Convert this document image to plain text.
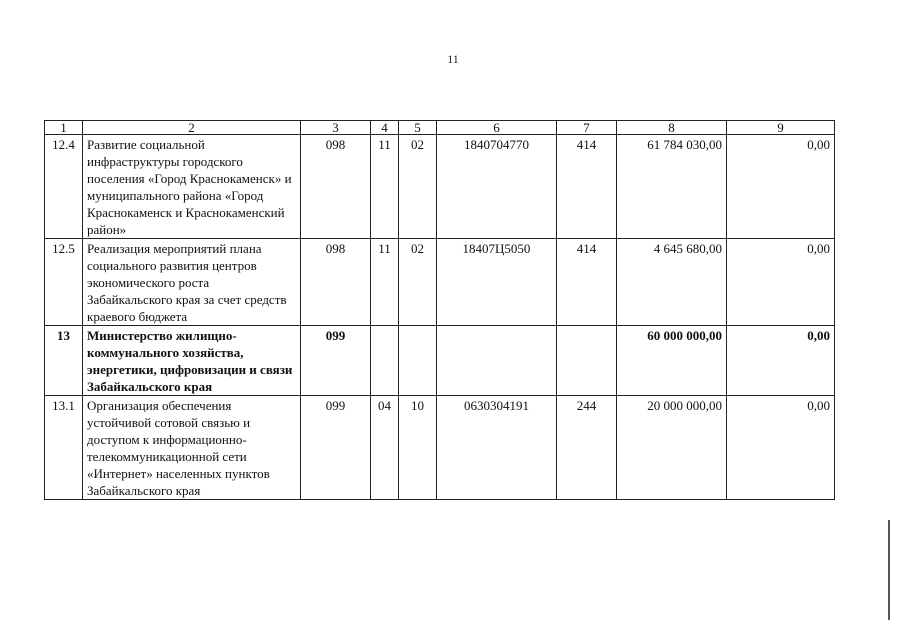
11
1	2	3	4	5	6	7	8	9
12.4	Развитие социальной инфраструктуры городского поселения «Город Краснокаменск» и муниципального района «Город Краснокаменск и Краснокаменский район»	098	11	02	1840704770	414	61 784 030,00	0,00
12.5	Реализация мероприятий плана социального развития центров экономического роста Забайкальского края за счет средств краевого бюджета	098	11	02	18407Ц5050	414	4 645 680,00	0,00
13	Министерство жилищно-коммунального хозяйства, энергетики, цифровизации и связи Забайкальского края	099					60 000 000,00	0,00
13.1	Организация обеспечения устойчивой сотовой связью и доступом к информационно-телекоммуникационной сети «Интернет» населенных пунктов Забайкальского края	099	04	10	0630304191	244	20 000 000,00	0,00
